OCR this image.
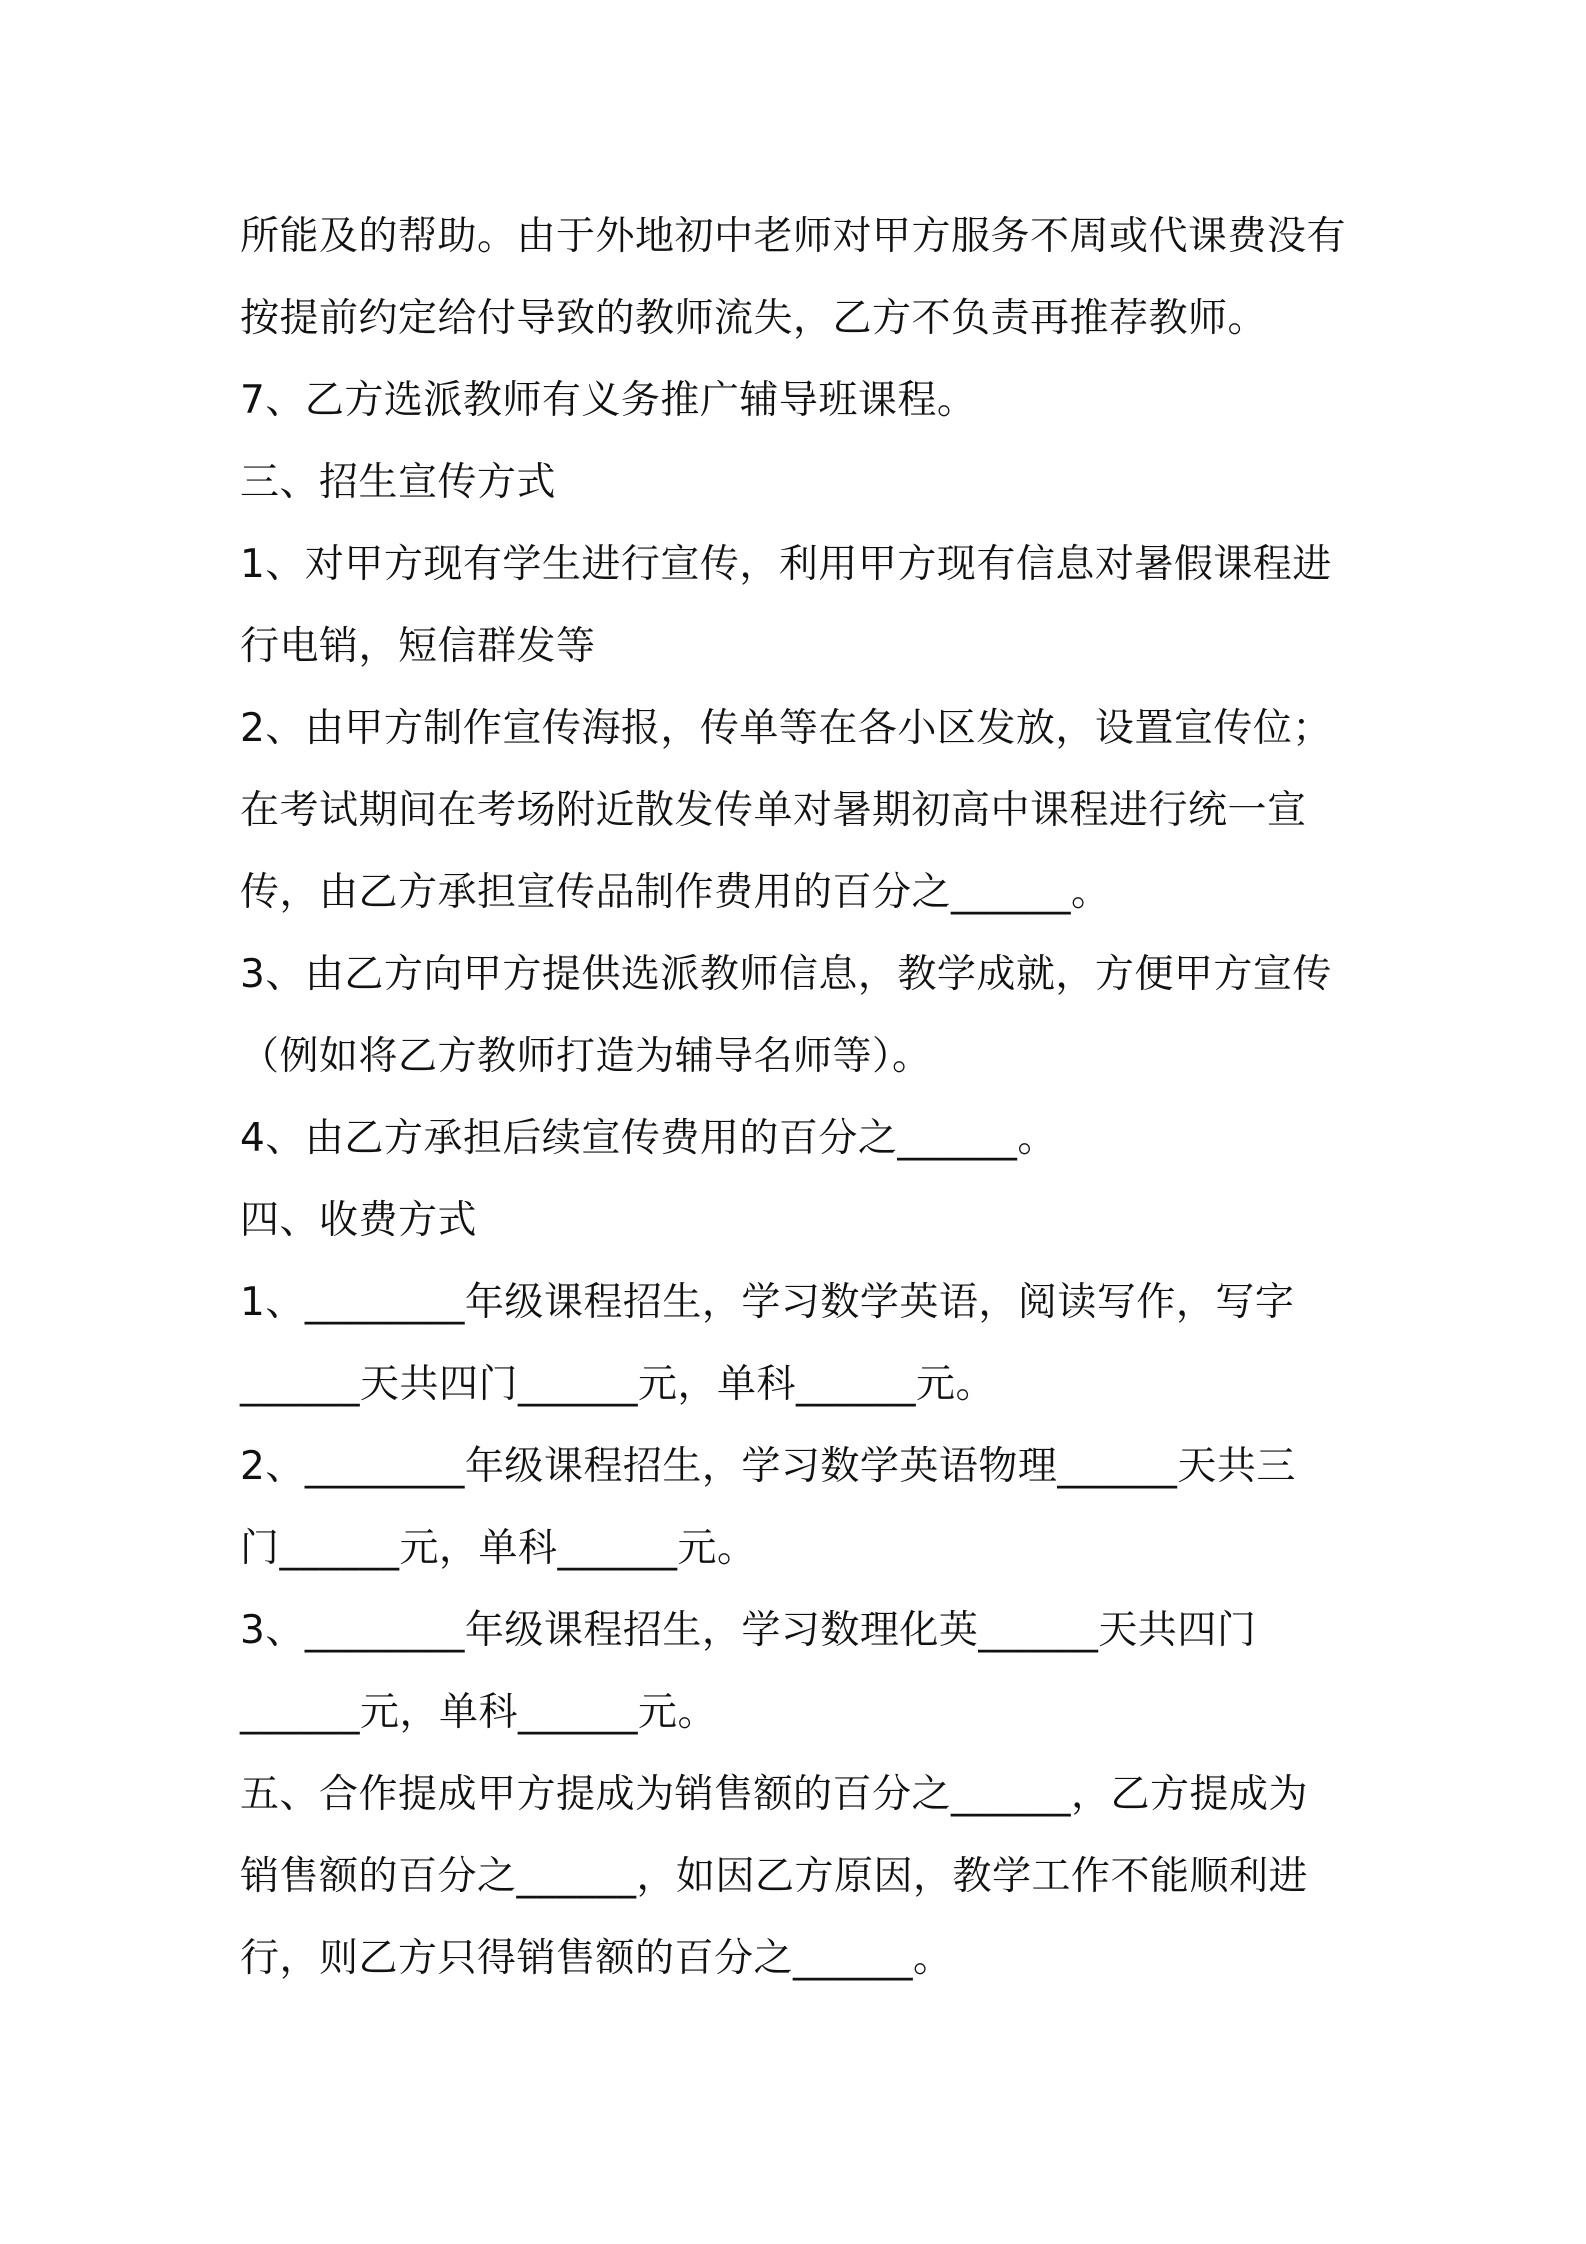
所能及的帮助。由于外地初中老师对甲方服务不周或代课费没有
按提前约定给付导致的教师流失，乙方不负责再推荐教师。

7、乙方选派教师有义务推广辅导班课程。

三、招生宣传方式

1、对甲方现有学生进行宣传，利用甲方现有信息对暑假课程进
行电销，短信群发等

2、由甲方制作宣传海报，传单等在各小区发放，设置宣传位；
在考试期间在考场附近散发传单对暑期初高中课程进行统一宣
传，由乙方承担宣传品制作费用的百分之______。

3、由乙方向甲方提供选派教师信息，教学成就，方便甲方宣传
（例如将乙方教师打造为辅导名师等）。

4、由乙方承担后续宣传费用的百分之______。

四、收费方式

1、________年级课程招生，学习数学英语，阅读写作，写字
______天共四门______元，单科______元。

2、________年级课程招生，学习数学英语物理______天共三
门______元，单科______元。

3、________年级课程招生，学习数理化英______天共四门
______元，单科______元。

五、合作提成甲方提成为销售额的百分之______，乙方提成为
销售额的百分之______，如因乙方原因，教学工作不能顺利进
行，则乙方只得销售额的百分之______。
